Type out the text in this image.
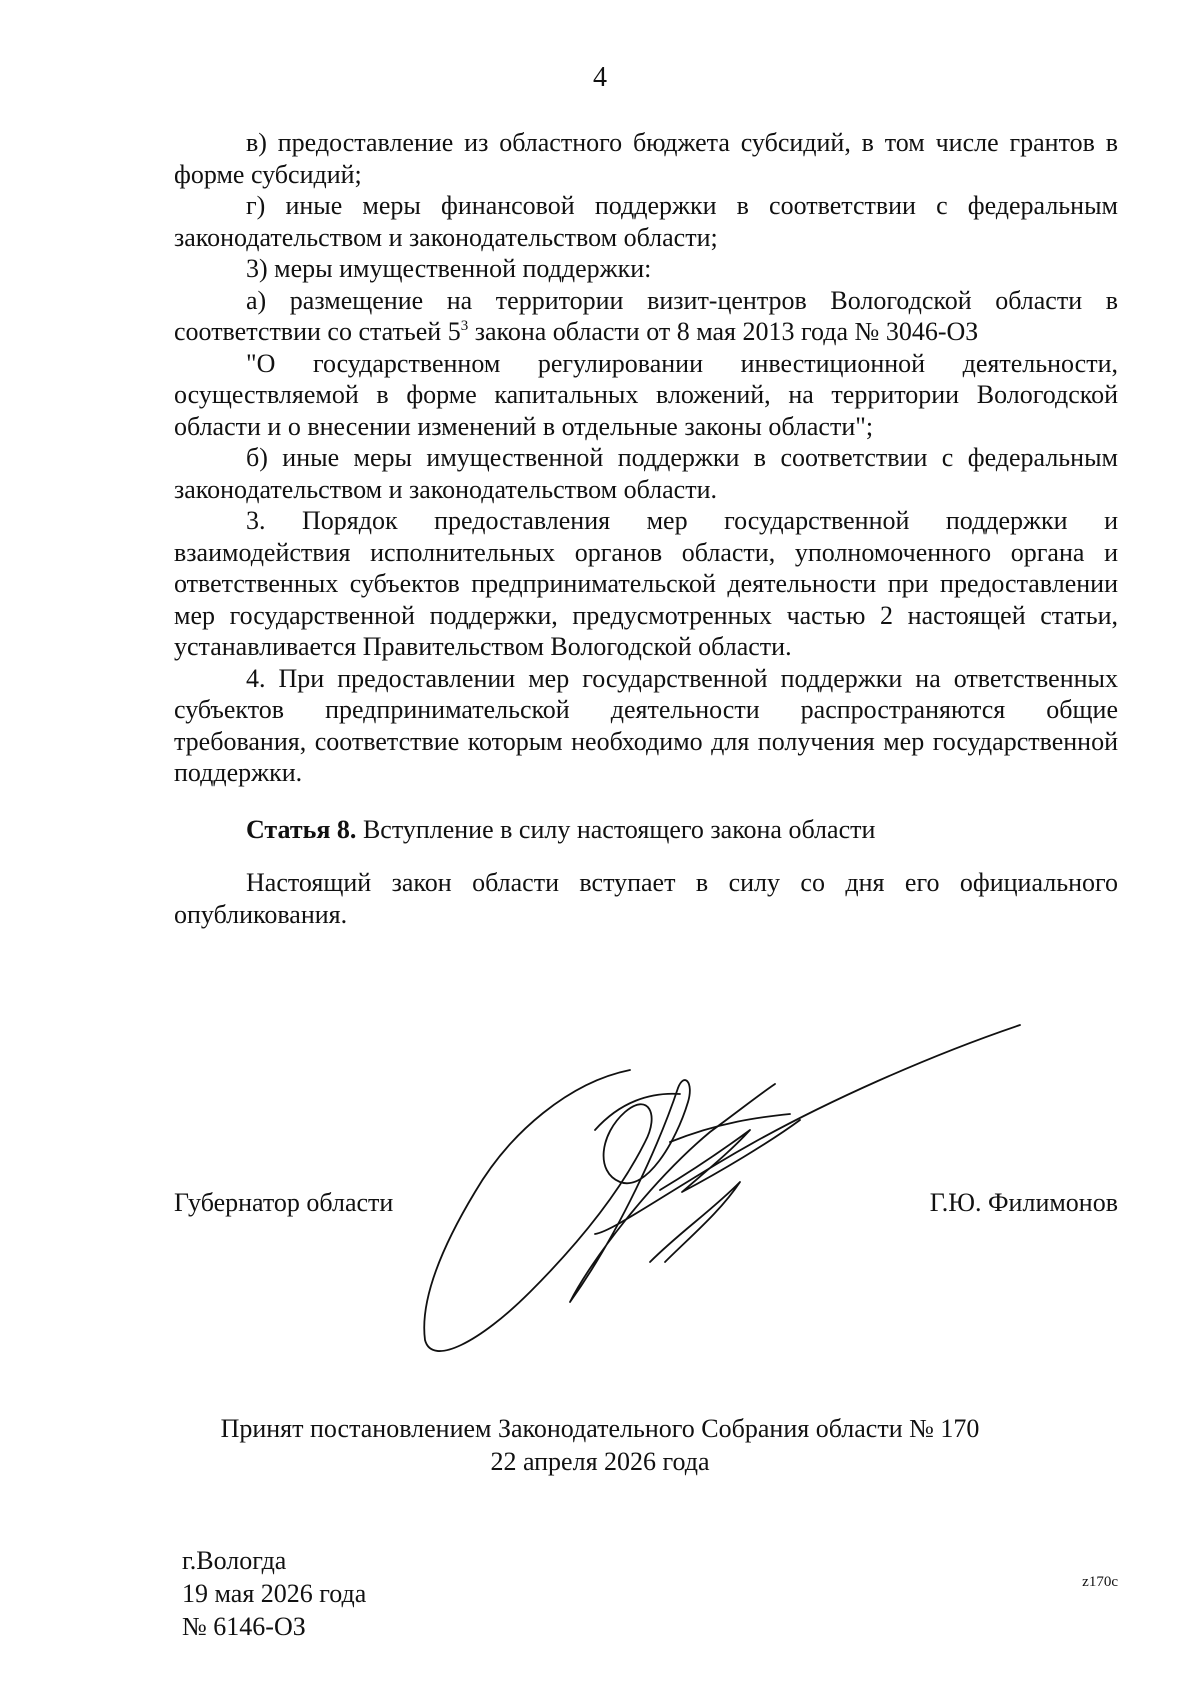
4

в) предоставление из областного бюджета субсидий, в том числе грантов в форме субсидий;

г) иные меры финансовой поддержки в соответствии с федеральным законодательством и законодательством области;

3) меры имущественной поддержки:

а) размещение на территории визит-центров Вологодской области в соответствии со статьей $5^3$ закона области от 8 мая 2013 года № 3046-ОЗ

"О государственном регулировании инвестиционной деятельности, осуществляемой в форме капитальных вложений, на территории Вологодской области и о внесении изменений в отдельные законы области";

б) иные меры имущественной поддержки в соответствии с федеральным законодательством и законодательством области.

3. Порядок предоставления мер государственной поддержки и взаимодействия исполнительных органов области, уполномоченного органа и ответственных субъектов предпринимательской деятельности при предоставлении мер государственной поддержки, предусмотренных частью 2 настоящей статьи, устанавливается Правительством Вологодской области.

4. При предоставлении мер государственной поддержки на ответственных субъектов предпринимательской деятельности распространяются общие требования, соответствие которым необходимо для получения мер государственной поддержки.

Статья 8. Вступление в силу настоящего закона области

Настоящий закон области вступает в силу со дня его официального опубликования.

Губернатор области	Г.Ю. Филимонов
Принят постановлением Законодательного Собрания области № 170
22 апреля 2026 года
г.Вологда
19 мая 2026 года
№ 6146-ОЗ
z170c
